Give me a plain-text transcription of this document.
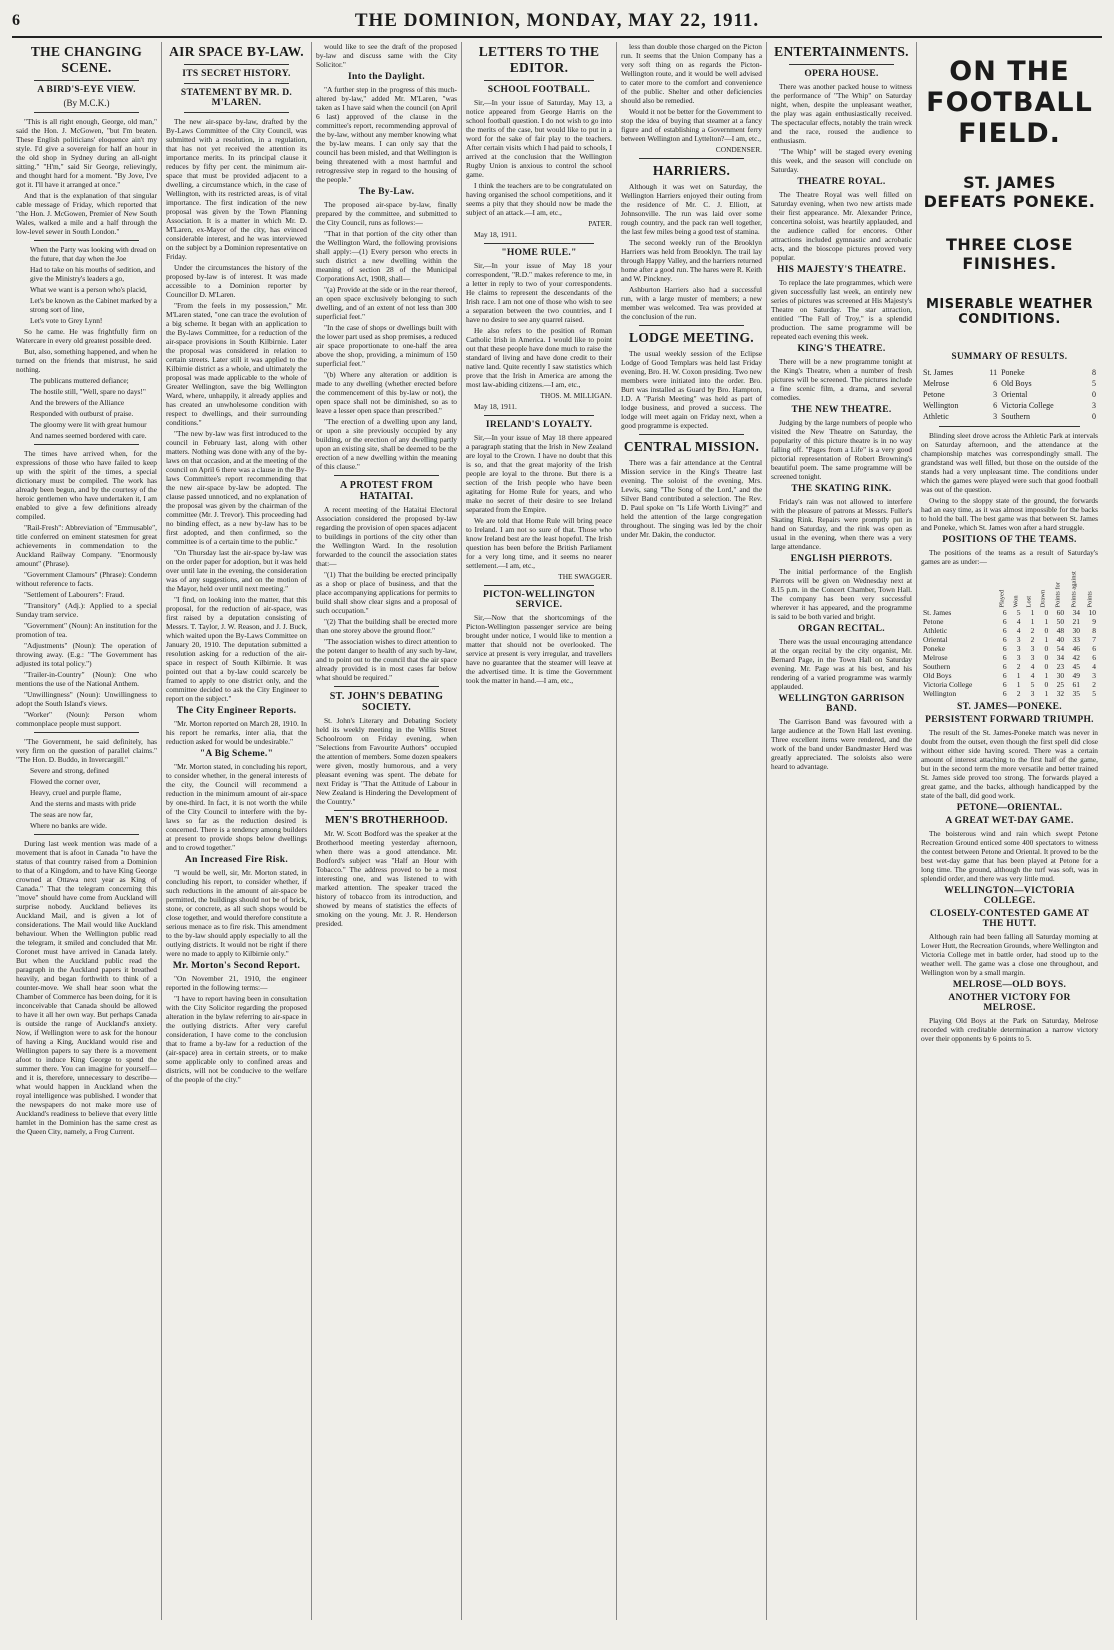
6	THE DOMINION, MONDAY, MAY 22, 1911.
THE CHANGING SCENE.
A BIRD'S-EYE VIEW.
(By M.C.K.)

"This is all right enough, George, old man," said the Hon. J. McGowen, "but I'm beaten. These English politicians' eloquence ain't my style. I'd give a sovereign for half an hour in the old shop in Sydney during an all-night sitting." "H'm," said Sir George, relievingly, and thought hard for a moment. "By Jove, I've got it. I'll have it arranged at once."

And that is the explanation of that singular cable message of Friday, which reported that "the Hon. J. McGowen, Premier of New South Wales, walked a mile and a half through the low-level sewer in South London."

When the Party was looking with dread on the future, that day when the Joe

Had to take on his mouths of sedition, and give the Ministry's leaders a go,

What we want is a person who's placid,

Let's be known as the Cabinet marked by a strong sort of line,

Let's vote to Grey Lynn!

So he came. He was frightfully firm on Watercare in every old greatest possible deed.

But, also, something happened, and when he turned on the friends that mistrust, he said nothing.

The publicans muttered defiance;

The hostile still, "Well, spare no days!"

And the brewers of the Alliance

Responded with outburst of praise.

The gloomy were lit with great humour

And names seemed bordered with care.

The times have arrived when, for the expressions of those who have failed to keep up with the spirit of the times, a special dictionary must be compiled. The work has already been begun, and by the courtesy of the heroic gentlemen who have undertaken it, I am enabled to give a few definitions already compiled.

"Rail-Fresh": Abbreviation of "Emmusable", title conferred on eminent statesmen for great achievements in commendation to the Auckland Railway Company. "Enormously amount" (Phrase).

"Government Clamours" (Phrase): Condemn without reference to facts.

"Settlement of Labourers": Fraud.

"Transitory" (Adj.): Applied to a special Sunday tram service.

"Government" (Noun): An institution for the promotion of tea.

"Adjustments" (Noun): The operation of throwing away. (E.g.: "The Government has adjusted its total policy.")

"Trailer-in-Country" (Noun): One who mentions the use of the National Anthem.

"Unwillingness" (Noun): Unwillingness to adopt the South Island's views.

"Worker" (Noun): Person whom commonplace people must support.

"The Government, he said definitely, has very firm on the question of parallel claims." "The Hon. D. Buddo, in Invercargill."

Severe and strong, defined

Flowed the corner over,

Heavy, cruel and purple flame,

And the sterns and masts with pride

The seas are now far,

Where no banks are wide.

During last week mention was made of a movement that is afoot in Canada "to have the status of that country raised from a Dominion to that of a Kingdom, and to have King George crowned at Ottawa next year as King of Canada." That the telegram concerning this "move" should have come from Auckland will surprise nobody. Auckland believes its Auckland Mail, and is given a lot of considerations. The Mail would like Auckland behaviour. When the Wellington public read the telegram, it smiled and concluded that Mr. Coronet must have arrived in Canada lately. But when the Auckland public read the paragraph in the Auckland papers it breathed heavily, and began forthwith to think of a counter-move. We shall hear soon what the Chamber of Commerce has been doing, for it is inconceivable that Canada should be allowed to have it all her own way. But perhaps Canada is outside the range of Auckland's anxiety. Now, if Wellington were to ask for the honour of having a King, Auckland would rise and Wellington papers to say there is a movement afoot to induce King George to spend the summer there. You can imagine for yourself—and it is, therefore, unnecessary to describe—what would happen in Auckland when the royal intelligence was published. I wonder that the newspapers do not make more use of Auckland's readiness to believe that every little hamlet in the Dominion has the same crest as the Queen City, namely, a Frog Current.

AIR SPACE BY-LAW.
ITS SECRET HISTORY.
STATEMENT BY MR. D. M'LAREN.

The new air-space by-law, drafted by the By-Laws Committee of the City Council, was submitted with a resolution, in a regulation, that has not yet received the attention its importance merits. In its principal clause it reduces by fifty per cent. the minimum air-space that must be provided adjacent to a dwelling, a circumstance which, in the case of Wellington, with its restricted areas, is of vital importance. The first indication of the new proposal was given by the Town Planning Association. It is a matter in which Mr. D. M'Laren, ex-Mayor of the city, has evinced considerable interest, and he was interviewed on the subject by a Dominion representative on Friday.

Under the circumstances the history of the proposed by-law is of interest. It was made accessible to a Dominion reporter by Councillor D. M'Laren.

"From the feels in my possession," Mr. M'Laren stated, "one can trace the evolution of a big scheme. It began with an application to the By-laws Committee, for a reduction of the air-space provisions in South Kilbirnie. Later the proposal was considered in relation to certain streets. Later still it was applied to the Kilbirnie district as a whole, and ultimately the proposal was made applicable to the whole of Greater Wellington, save the big Wellington Ward, where, unhappily, it already applies and has created an unwholesome condition with respect to dwellings, and their surrounding conditions."

"The new by-law was first introduced to the council in February last, along with other matters. Nothing was done with any of the by-laws on that occasion, and at the meeting of the council on April 6 there was a clause in the By-laws Committee's report recommending that the new air-space by-law be adopted. The clause passed unnoticed, and no explanation of the proposal was given by the chairman of the committee (Mr. J. Trevor). This proceeding had no binding effect, as a new by-law has to be first adopted, and then confirmed, so the committee is of a certain time to the public."

"On Thursday last the air-space by-law was on the order paper for adoption, but it was held over until late in the evening, the consideration was of any suggestions, and on the motion of the Mayor, held over until next meeting."

"I find, on looking into the matter, that this proposal, for the reduction of air-space, was first raised by a deputation consisting of Messrs. T. Taylor, J. W. Reason, and J. J. Buck, which waited upon the By-Laws Committee on January 20, 1910. The deputation submitted a resolution asking for a reduction of the air-space in respect of South Kilbirnie. It was pointed out that a by-law could scarcely be framed to apply to one district only, and the committee decided to ask the City Engineer to report on the subject."

The City Engineer Reports.

"Mr. Morton reported on March 28, 1910. In his report he remarks, inter alia, that the reduction asked for would be undesirable."

"A Big Scheme."

"Mr. Morton stated, in concluding his report, to consider whether, in the general interests of the city, the Council will recommend a reduction in the minimum amount of air-space by one-third. In fact, it is not worth the while of the City Council to interfere with the by-laws so far as the reduction desired is concerned. There is a tendency among builders at present to provide shops below dwellings and to crowd together."

An Increased Fire Risk.

"I would be well, sir, Mr. Morton stated, in concluding his report, to consider whether, if such reductions in the amount of air-space be permitted, the buildings should not be of brick, stone, or concrete, as all such shops would be close together, and would therefore constitute a serious menace as to fire risk. This amendment to the by-law should apply especially to all the outlying districts. It would not be right if there were no made to apply to Kilbirnie only."

Mr. Morton's Second Report.

"On November 21, 1910, the engineer reported in the following terms:—

"I have to report having been in consultation with the City Solicitor regarding the proposed alteration in the bylaw referring to air-space in the outlying districts. After very careful consideration, I have come to the conclusion that to frame a by-law for a reduction of the (air-space) area in certain streets, or to make some applicable only to confined areas and districts, will not be conducive to the welfare of the people of the city."

would like to see the draft of the proposed by-law and discuss same with the City Solicitor."

Into the Daylight.

"A further step in the progress of this much-altered by-law," added Mr. M'Laren, "was taken as I have said when the council (on April 6 last) approved of the clause in the committee's report, recommending approval of the by-law, without any member knowing what the by-law means. I can only say that the council has been misled, and that Wellington is being threatened with a most harmful and retrogressive step in regard to the housing of the people."

The By-Law.

The proposed air-space by-law, finally prepared by the committee, and submitted to the City Council, runs as follows:—

"That in that portion of the city other than the Wellington Ward, the following provisions shall apply:—(1) Every person who erects in such district a new dwelling within the meaning of section 28 of the Municipal Corporations Act, 1908, shall—

"(a) Provide at the side or in the rear thereof, an open space exclusively belonging to such dwelling, and of an extent of not less than 300 superficial feet."

"In the case of shops or dwellings built with the lower part used as shop premises, a reduced air space proportionate to one-half the area above the shop, providing, a minimum of 150 superficial feet."

"(b) Where any alteration or addition is made to any dwelling (whether erected before the commencement of this by-law or not), the open space shall not be diminished, so as to leave a lesser open space than prescribed."

"The erection of a dwelling upon any land, or upon a site previously occupied by any building, or the erection of any dwelling partly upon an existing site, shall be deemed to be the erection of a new dwelling within the meaning of this clause."

A PROTEST FROM HATAITAI.

A recent meeting of the Hataitai Electoral Association considered the proposed by-law regarding the provision of open spaces adjacent to buildings in portions of the city other than the Wellington Ward. In the resolution forwarded to the council the association states that:—

"(1) That the building be erected principally as a shop or place of business, and that the place accompanying applications for permits to build shall show clear signs and a proposal of such occupation."

"(2) That the building shall be erected more than one storey above the ground floor."

"The association wishes to direct attention to the potent danger to health of any such by-law, and to point out to the council that the air space already provided is in most cases far below what should be required."

ST. JOHN'S DEBATING SOCIETY.

St. John's Literary and Debating Society held its weekly meeting in the Willis Street Schoolroom on Friday evening, when "Selections from Favourite Authors" occupied the attention of members. Some dozen speakers were given, mostly humorous, and a very pleasant evening was spent. The debate for next Friday is "That the Attitude of Labour in New Zealand is Hindering the Development of the Country."

MEN'S BROTHERHOOD.

Mr. W. Scott Bodford was the speaker at the Brotherhood meeting yesterday afternoon, when there was a good attendance. Mr. Bodford's subject was "Half an Hour with Tobacco." The address proved to be a most interesting one, and was listened to with marked attention. The speaker traced the history of tobacco from its introduction, and showed by means of statistics the effects of smoking on the young. Mr. J. R. Henderson presided.

LETTERS TO THE EDITOR.
SCHOOL FOOTBALL.

Sir,—In your issue of Saturday, May 13, a notice appeared from George Harris on the school football question. I do not wish to go into the merits of the case, but would like to put in a word for the sake of fair play to the teachers. After certain visits which I had paid to schools, I arrived at the conclusion that the Wellington Rugby Union is anxious to control the school game.

I think the teachers are to be congratulated on having organised the school competitions, and it seems a pity that they should now be made the subject of an attack.—I am, etc.,

PATER.

May 18, 1911.

"HOME RULE."

Sir,—In your issue of May 18 your correspondent, "R.D." makes reference to me, in a letter in reply to two of your correspondents. He claims to represent the descendants of the Irish race. I am not one of those who wish to see a separation between the two countries, and I have no desire to see any quarrel raised.

He also refers to the position of Roman Catholic Irish in America. I would like to point out that these people have done much to raise the standard of living and have done credit to their native land. Quite recently I saw statistics which prove that the Irish in America are among the most law-abiding citizens.—I am, etc.,

THOS. M. MILLIGAN.

May 18, 1911.

IRELAND'S LOYALTY.

Sir,—In your issue of May 18 there appeared a paragraph stating that the Irish in New Zealand are loyal to the Crown. I have no doubt that this is so, and that the great majority of the Irish people are loyal to the throne. But there is a section of the Irish people who have been agitating for Home Rule for years, and who make no secret of their desire to see Ireland separated from the Empire.

We are told that Home Rule will bring peace to Ireland. I am not so sure of that. Those who know Ireland best are the least hopeful. The Irish question has been before the British Parliament for a very long time, and it seems no nearer settlement.—I am, etc.,

THE SWAGGER.

PICTON-WELLINGTON SERVICE.

Sir,—Now that the shortcomings of the Picton-Wellington passenger service are being brought under notice, I would like to mention a matter that should not be overlooked. The service at present is very irregular, and travellers have no guarantee that the steamer will leave at the advertised time. It is time the Government took the matter in hand.—I am, etc.,

less than double those charged on the Picton run. It seems that the Union Company has a very soft thing on as regards the Picton-Wellington route, and it would be well advised to cater more to the comfort and convenience of the public. Shelter and other deficiencies should also be remedied.

Would it not be better for the Government to stop the idea of buying that steamer at a fancy figure and of establishing a Government ferry between Wellington and Lyttelton?—I am, etc.,

CONDENSER.

HARRIERS.

Although it was wet on Saturday, the Wellington Harriers enjoyed their outing from the residence of Mr. C. J. Elliott, at Johnsonville. The run was laid over some rough country, and the pack ran well together, the last few miles being a good test of stamina.

The second weekly run of the Brooklyn Harriers was held from Brooklyn. The trail lay through Happy Valley, and the harriers returned home after a good run. The hares were R. Keith and W. Pinckney.

Ashburton Harriers also had a successful run, with a large muster of members; a new member was welcomed. Tea was provided at the conclusion of the run.

LODGE MEETING.

The usual weekly session of the Eclipse Lodge of Good Templars was held last Friday evening, Bro. H. W. Coxon presiding. Two new members were initiated into the order. Bro. Burt was installed as Guard by Bro. Hampton, I.D. A "Parish Meeting" was held as part of lodge business, and proved a success. The lodge will meet again on Friday next, when a good programme is expected.

CENTRAL MISSION.

There was a fair attendance at the Central Mission service in the King's Theatre last evening. The soloist of the evening, Mrs. Lewis, sang "The Song of the Lord," and the Silver Band contributed a selection. The Rev. D. Paul spoke on "Is Life Worth Living?" and held the attention of the large congregation throughout. The singing was led by the choir under Mr. Dakin, the conductor.

ENTERTAINMENTS.
OPERA HOUSE.

There was another packed house to witness the performance of "The Whip" on Saturday night, when, despite the unpleasant weather, the play was again enthusiastically received. The spectacular effects, notably the train wreck and the race, roused the audience to enthusiasm.

"The Whip" will be staged every evening this week, and the season will conclude on Saturday.

THEATRE ROYAL.

The Theatre Royal was well filled on Saturday evening, when two new artists made their first appearance. Mr. Alexander Prince, concertina soloist, was heartily applauded, and the audience called for encores. Other attractions included gymnastic and acrobatic acts, and the bioscope pictures proved very popular.

HIS MAJESTY'S THEATRE.

To replace the late programmes, which were given successfully last week, an entirely new series of pictures was screened at His Majesty's Theatre on Saturday. The star attraction, entitled "The Fall of Troy," is a splendid production. The same programme will be repeated each evening this week.

KING'S THEATRE.

There will be a new programme tonight at the King's Theatre, when a number of fresh pictures will be screened. The pictures include a fine scenic film, a drama, and several comedies.

THE NEW THEATRE.

Judging by the large numbers of people who visited the New Theatre on Saturday, the popularity of this picture theatre is in no way falling off. "Pages from a Life" is a very good pictorial representation of Robert Browning's beautiful poem. The same programme will be screened tonight.

THE SKATING RINK.

Friday's rain was not allowed to interfere with the pleasure of patrons at Messrs. Fuller's Skating Rink. Repairs were promptly put in hand on Saturday, and the rink was open as usual in the evening, when there was a very large attendance.

ENGLISH PIERROTS.

The initial performance of the English Pierrots will be given on Wednesday next at 8.15 p.m. in the Concert Chamber, Town Hall. The company has been very successful wherever it has appeared, and the programme is said to be both varied and bright.

ORGAN RECITAL.

There was the usual encouraging attendance at the organ recital by the city organist, Mr. Bernard Page, in the Town Hall on Saturday evening. Mr. Page was at his best, and his rendering of a varied programme was warmly applauded.

WELLINGTON GARRISON BAND.

The Garrison Band was favoured with a large audience at the Town Hall last evening. Three excellent items were rendered, and the work of the band under Bandmaster Herd was greatly appreciated. The soloists also were heard to advantage.

ON THE FOOTBALL FIELD.
ST. JAMES DEFEATS PONEKE.
THREE CLOSE FINISHES.
MISERABLE WEATHER CONDITIONS.
SUMMARY OF RESULTS.
St. James	11	Poneke	8
Melrose	6	Old Boys	5
Petone	3	Oriental	0
Wellington	6	Victoria College	3
Athletic	3	Southern	0

Blinding sleet drove across the Athletic Park at intervals on Saturday afternoon, and the attendance at the championship matches was correspondingly small. The grandstand was well filled, but those on the outside of the stands had a very unpleasant time. The conditions under which the games were played were such that good football was out of the question.

Owing to the sloppy state of the ground, the forwards had an easy time, as it was almost impossible for the backs to hold the ball. The best game was that between St. James and Poneke, which St. James won after a hard struggle.

POSITIONS OF THE TEAMS.

The positions of the teams as a result of Saturday's games are as under:—

	Played	Won	Lost	Drawn	Points for	Points against	Points
St. James	6	5	1	0	60	34	10
Petone	6	4	1	1	50	21	9
Athletic	6	4	2	0	48	30	8
Oriental	6	3	2	1	40	33	7
Poneke	6	3	3	0	54	46	6
Melrose	6	3	3	0	34	42	6
Southern	6	2	4	0	23	45	4
Old Boys	6	1	4	1	30	49	3
Victoria College	6	1	5	0	25	61	2
Wellington	6	2	3	1	32	35	5
ST. JAMES—PONEKE.
PERSISTENT FORWARD TRIUMPH.

The result of the St. James-Poneke match was never in doubt from the outset, even though the first spell did close without either side having scored. There was a certain amount of interest attaching to the first half of the game, but in the second term the more versatile and better trained St. James side proved too strong. The forwards played a great game, and the backs, although handicapped by the state of the ball, did good work.

PETONE—ORIENTAL.
A GREAT WET-DAY GAME.

The boisterous wind and rain which swept Petone Recreation Ground enticed some 400 spectators to witness the contest between Petone and Oriental. It proved to be the best wet-day game that has been played at Petone for a long time. The ground, although the turf was soft, was in splendid order, and there was very little mud.

WELLINGTON—VICTORIA COLLEGE.
CLOSELY-CONTESTED GAME AT THE HUTT.

Although rain had been falling all Saturday morning at Lower Hutt, the Recreation Grounds, where Wellington and Victoria College met in battle order, had stood up to the weather well. The game was a close one throughout, and Wellington won by a small margin.

MELROSE—OLD BOYS.
ANOTHER VICTORY FOR MELROSE.

Playing Old Boys at the Park on Saturday, Melrose recorded with creditable determination a narrow victory over their opponents by 6 points to 5.
